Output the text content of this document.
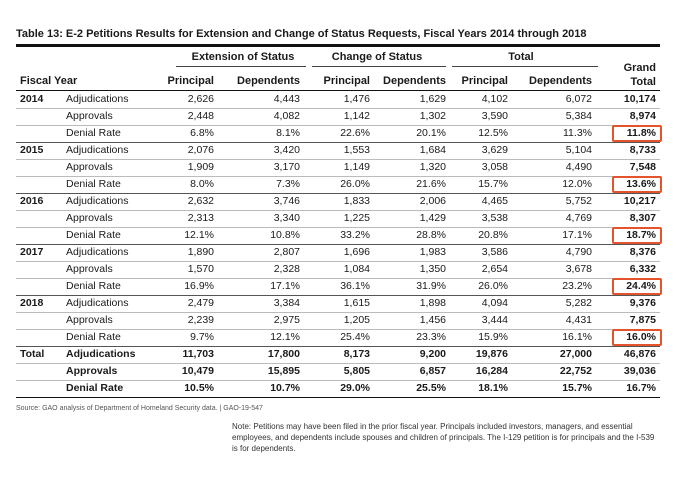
Table 13: E-2 Petitions Results for Extension and Change of Status Requests, Fiscal Years 2014 through 2018
Extension of Status	Change of Status	Total
Fiscal Year	Principal	Dependents	Principal	Dependents	Principal	Dependents
Grand
Total
2014 Adjudications	2,626	4,443	1,476	1,629	4,102	6,072	10,174
Approvals	2,448	4,082	1,142	1,302	3,590	5,384	8,974
Denial Rate	6.8%	8.1%	22.6%	20.1%	12.5%	11.3%	11.8%
2015 Adjudications	2,076	3,420	1,553	1,684	3,629	5,104	8,733
Approvals	1,909	3,170	1,149	1,320	3,058	4,490	7,548
Denial Rate	8.0%	7.3%	26.0%	21.6%	15.7%	12.0%	13.6%
2016 Adjudications	2,632	3,746	1,833	2,006	4,465	5,752	10,217
Approvals	2,313	3,340	1,225	1,429	3,538	4,769	8,307
Denial Rate	12.1%	10.8%	33.2%	28.8%	20.8%	17.1%	18.7%
2017 Adjudications	1,890	2,807	1,696	1,983	3,586	4,790	8,376
Approvals	1,570	2,328	1,084	1,350	2,654	3,678	6,332
Denial Rate	16.9%	17.1%	36.1%	31.9%	26.0%	23.2%	24.4%
2018 Adjudications	2,479	3,384	1,615	1,898	4,094	5,282	9,376
Approvals	2,239	2,975	1,205	1,456	3,444	4,431	7,875
Denial Rate	9.7%	12.1%	25.4%	23.3%	15.9%	16.1%	16.0%
Total Adjudications	11,703	17,800	8,173	9,200	19,876	27,000	46,876
Approvals	10,479	15,895	5,805	6,857	16,284	22,752	39,036
Denial Rate	10.5%	10.7%	29.0%	25.5%	18.1%	15.7%	16.7%
Source: GAO analysis of Department of Homeland Security data. | GAO-19-547
Note: Petitions may have been filed in the prior fiscal year. Principals included investors, managers, and essential employees, and dependents include spouses and children of principals. The I-129 petition is for principals and the I-539 is for dependents.
